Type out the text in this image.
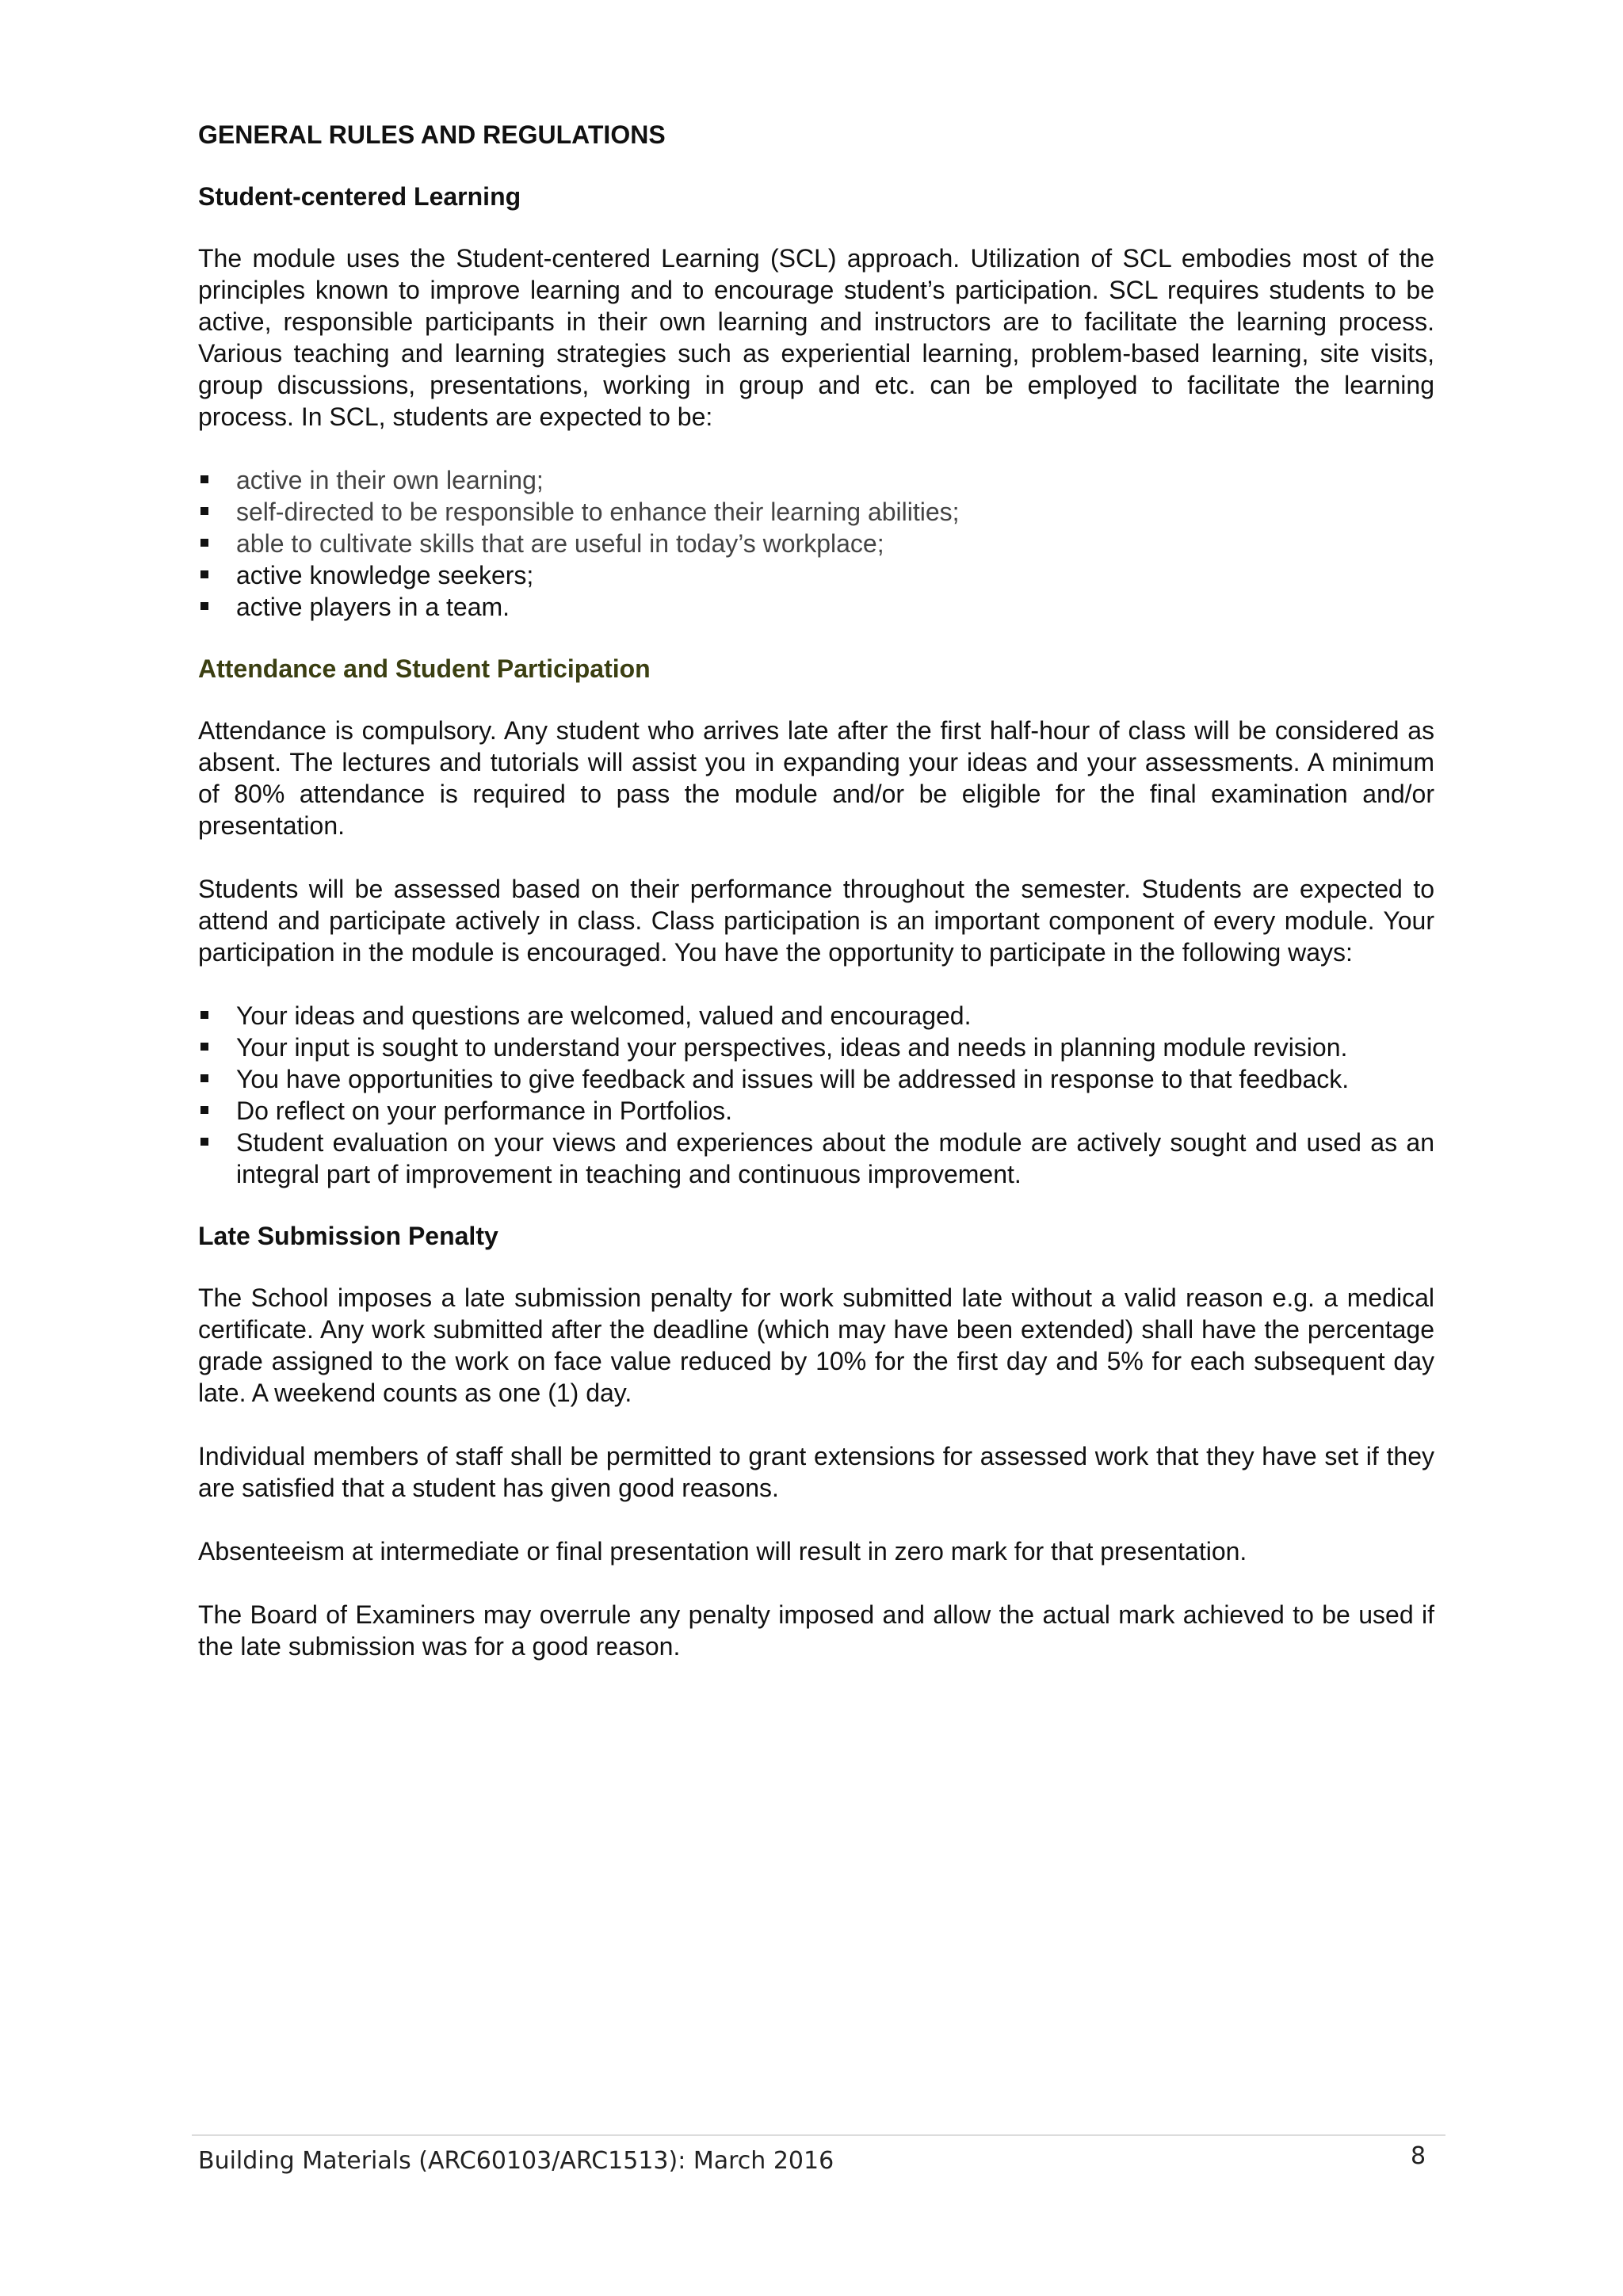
GENERAL RULES AND REGULATIONS
Student-centered Learning

The module uses the Student-centered Learning (SCL) approach. Utilization of SCL embodies most of the principles known to improve learning and to encourage student’s participation. SCL requires students to be active, responsible participants in their own learning and instructors are to facilitate the learning process. Various teaching and learning strategies such as experiential learning, problem-based learning, site visits, group discussions, presentations, working in group and etc. can be employed to facilitate the learning process. In SCL, students are expected to be:

active in their own learning;
self-directed to be responsible to enhance their learning abilities;
able to cultivate skills that are useful in today’s workplace;
active knowledge seekers;
active players in a team.
Attendance and Student Participation

Attendance is compulsory. Any student who arrives late after the first half-hour of class will be considered as absent. The lectures and tutorials will assist you in expanding your ideas and your assessments. A minimum of 80% attendance is required to pass the module and/or be eligible for the final examination and/or presentation.

Students will be assessed based on their performance throughout the semester. Students are expected to attend and participate actively in class. Class participation is an important component of every module. Your participation in the module is encouraged. You have the opportunity to participate in the following ways:

Your ideas and questions are welcomed, valued and encouraged.
Your input is sought to understand your perspectives, ideas and needs in planning module revision.
You have opportunities to give feedback and issues will be addressed in response to that feedback.
Do reflect on your performance in Portfolios.
Student evaluation on your views and experiences about the module are actively sought and used as an integral part of improvement in teaching and continuous improvement.
Late Submission Penalty

The School imposes a late submission penalty for work submitted late without a valid reason e.g. a medical certificate. Any work submitted after the deadline (which may have been extended) shall have the percentage grade assigned to the work on face value reduced by 10% for the first day and 5% for each subsequent day late. A weekend counts as one (1) day.

Individual members of staff shall be permitted to grant extensions for assessed work that they have set if they are satisfied that a student has given good reasons.

Absenteeism at intermediate or final presentation will result in zero mark for that presentation.

The Board of Examiners may overrule any penalty imposed and allow the actual mark achieved to be used if the late submission was for a good reason.

Building Materials (ARC60103/ARC1513): March 2016	8
